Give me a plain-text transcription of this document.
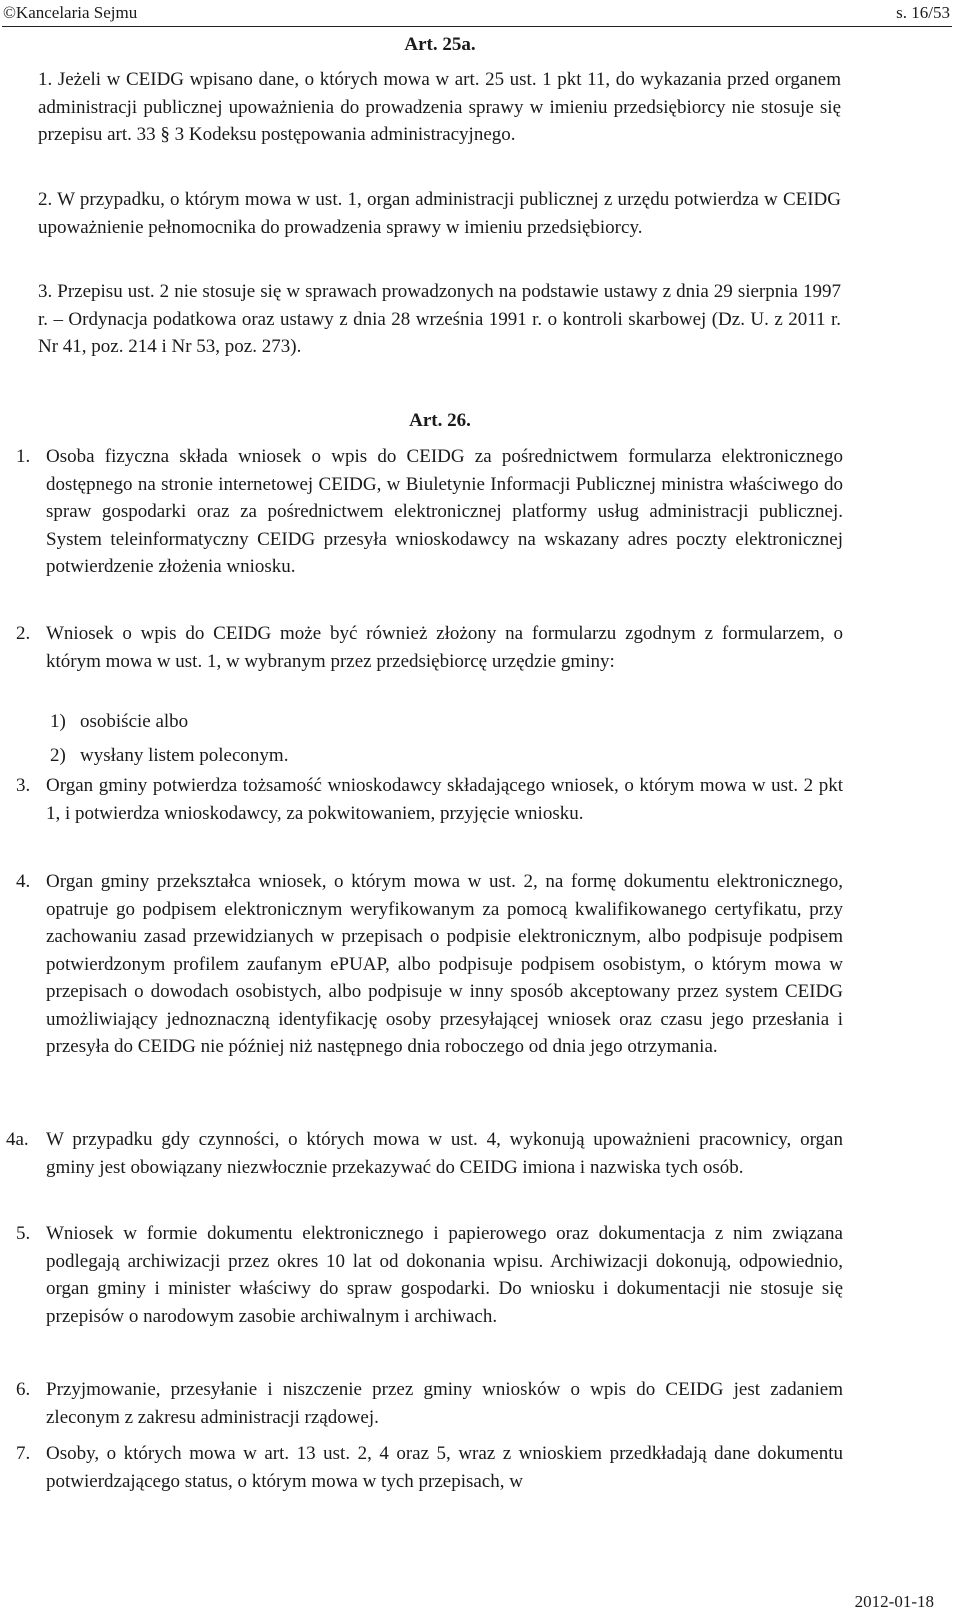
©Kancelaria Sejmu	s. 16/53
Art. 25a.
1. Jeżeli w CEIDG wpisano dane, o których mowa w art. 25 ust. 1 pkt 11, do wykazania przed organem administracji publicznej upoważnienia do prowadzenia sprawy w imieniu przedsiębiorcy nie stosuje się przepisu art. 33 § 3 Kodeksu postępowania administracyjnego.
2. W przypadku, o którym mowa w ust. 1, organ administracji publicznej z urzędu potwierdza w CEIDG upoważnienie pełnomocnika do prowadzenia sprawy w imieniu przedsiębiorcy.
3. Przepisu ust. 2 nie stosuje się w sprawach prowadzonych na podstawie ustawy z dnia 29 sierpnia 1997 r. – Ordynacja podatkowa oraz ustawy z dnia 28 września 1991 r. o kontroli skarbowej (Dz. U. z 2011 r. Nr 41, poz. 214 i Nr 53, poz. 273).
Art. 26.
1. Osoba fizyczna składa wniosek o wpis do CEIDG za pośrednictwem formularza elektronicznego dostępnego na stronie internetowej CEIDG, w Biuletynie Informacji Publicznej ministra właściwego do spraw gospodarki oraz za pośrednictwem elektronicznej platformy usług administracji publicznej. System teleinformatyczny CEIDG przesyła wnioskodawcy na wskazany adres poczty elektronicznej potwierdzenie złożenia wniosku.
2. Wniosek o wpis do CEIDG może być również złożony na formularzu zgodnym z formularzem, o którym mowa w ust. 1, w wybranym przez przedsiębiorcę urzędzie gminy:
1) osobiście albo
2) wysłany listem poleconym.
3. Organ gminy potwierdza tożsamość wnioskodawcy składającego wniosek, o którym mowa w ust. 2 pkt 1, i potwierdza wnioskodawcy, za pokwitowaniem, przyjęcie wniosku.
4. Organ gminy przekształca wniosek, o którym mowa w ust. 2, na formę dokumentu elektronicznego, opatruje go podpisem elektronicznym weryfikowanym za pomocą kwalifikowanego certyfikatu, przy zachowaniu zasad przewidzianych w przepisach o podpisie elektronicznym, albo podpisuje podpisem potwierdzonym profilem zaufanym ePUAP, albo podpisuje podpisem osobistym, o którym mowa w przepisach o dowodach osobistych, albo podpisuje w inny sposób akceptowany przez system CEIDG umożliwiający jednoznaczną identyfikację osoby przesyłającej wniosek oraz czasu jego przesłania i przesyła do CEIDG nie później niż następnego dnia roboczego od dnia jego otrzymania.
4a. W przypadku gdy czynności, o których mowa w ust. 4, wykonują upoważnieni pracownicy, organ gminy jest obowiązany niezwłocznie przekazywać do CEIDG imiona i nazwiska tych osób.
5. Wniosek w formie dokumentu elektronicznego i papierowego oraz dokumentacja z nim związana podlegają archiwizacji przez okres 10 lat od dokonania wpisu. Archiwizacji dokonują, odpowiednio, organ gminy i minister właściwy do spraw gospodarki. Do wniosku i dokumentacji nie stosuje się przepisów o narodowym zasobie archiwalnym i archiwach.
6. Przyjmowanie, przesyłanie i niszczenie przez gminy wniosków o wpis do CEIDG jest zadaniem zleconym z zakresu administracji rządowej.
7. Osoby, o których mowa w art. 13 ust. 2, 4 oraz 5, wraz z wnioskiem przedkładają dane dokumentu potwierdzającego status, o którym mowa w tych przepisach, w
2012-01-18
